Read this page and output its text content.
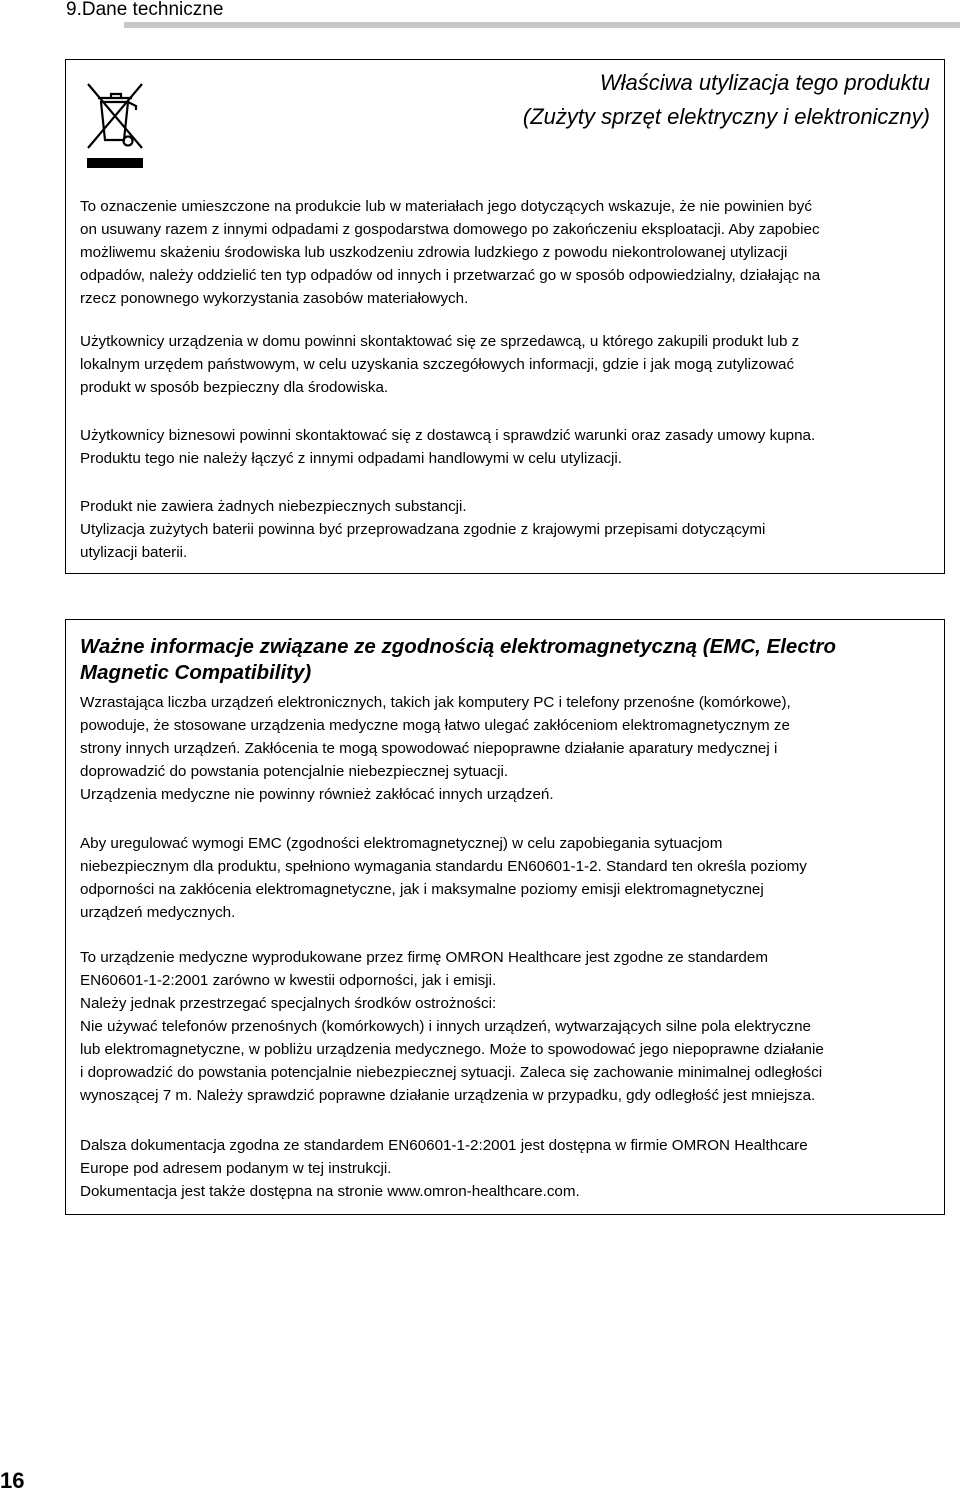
9.Dane techniczne
Właściwa utylizacja tego produktu
(Zużyty sprzęt elektryczny i elektroniczny)

To oznaczenie umieszczone na produkcie lub w materiałach jego dotyczących wskazuje, że nie powinien być
on usuwany razem z innymi odpadami z gospodarstwa domowego po zakończeniu eksploatacji. Aby zapobiec
możliwemu skażeniu środowiska lub uszkodzeniu zdrowia ludzkiego z powodu niekontrolowanej utylizacji
odpadów, należy oddzielić ten typ odpadów od innych i przetwarzać go w sposób odpowiedzialny, działając na
rzecz ponownego wykorzystania zasobów materiałowych.

Użytkownicy urządzenia w domu powinni skontaktować się ze sprzedawcą, u którego zakupili produkt lub z
lokalnym urzędem państwowym, w celu uzyskania szczegółowych informacji, gdzie i jak mogą zutylizować
produkt w sposób bezpieczny dla środowiska.

Użytkownicy biznesowi powinni skontaktować się z dostawcą i sprawdzić warunki oraz zasady umowy kupna.
Produktu tego nie należy łączyć z innymi odpadami handlowymi w celu utylizacji.

Produkt nie zawiera żadnych niebezpiecznych substancji.
Utylizacja zużytych baterii powinna być przeprowadzana zgodnie z krajowymi przepisami dotyczącymi
utylizacji baterii.

Ważne informacje związane ze zgodnością elektromagnetyczną (EMC, Electro
Magnetic Compatibility)

Wzrastająca liczba urządzeń elektronicznych, takich jak komputery PC i telefony przenośne (komórkowe),
powoduje, że stosowane urządzenia medyczne mogą łatwo ulegać zakłóceniom elektromagnetycznym ze
strony innych urządzeń. Zakłócenia te mogą spowodować niepoprawne działanie aparatury medycznej i
doprowadzić do powstania potencjalnie niebezpiecznej sytuacji.
Urządzenia medyczne nie powinny również zakłócać innych urządzeń.

Aby uregulować wymogi EMC (zgodności elektromagnetycznej) w celu zapobiegania sytuacjom
niebezpiecznym dla produktu, spełniono wymagania standardu EN60601-1-2. Standard ten określa poziomy
odporności na zakłócenia elektromagnetyczne, jak i maksymalne poziomy emisji elektromagnetycznej
urządzeń medycznych.

To urządzenie medyczne wyprodukowane przez firmę OMRON Healthcare jest zgodne ze standardem
EN60601-1-2:2001 zarówno w kwestii odporności, jak i emisji.
Należy jednak przestrzegać specjalnych środków ostrożności:
Nie używać telefonów przenośnych (komórkowych) i innych urządzeń, wytwarzających silne pola elektryczne
lub elektromagnetyczne, w pobliżu urządzenia medycznego. Może to spowodować jego niepoprawne działanie
i doprowadzić do powstania potencjalnie niebezpiecznej sytuacji. Zaleca się zachowanie minimalnej odległości
wynoszącej 7 m. Należy sprawdzić poprawne działanie urządzenia w przypadku, gdy odległość jest mniejsza.

Dalsza dokumentacja zgodna ze standardem EN60601-1-2:2001 jest dostępna w firmie OMRON Healthcare
Europe pod adresem podanym w tej instrukcji.
Dokumentacja jest także dostępna na stronie www.omron-healthcare.com.

16
